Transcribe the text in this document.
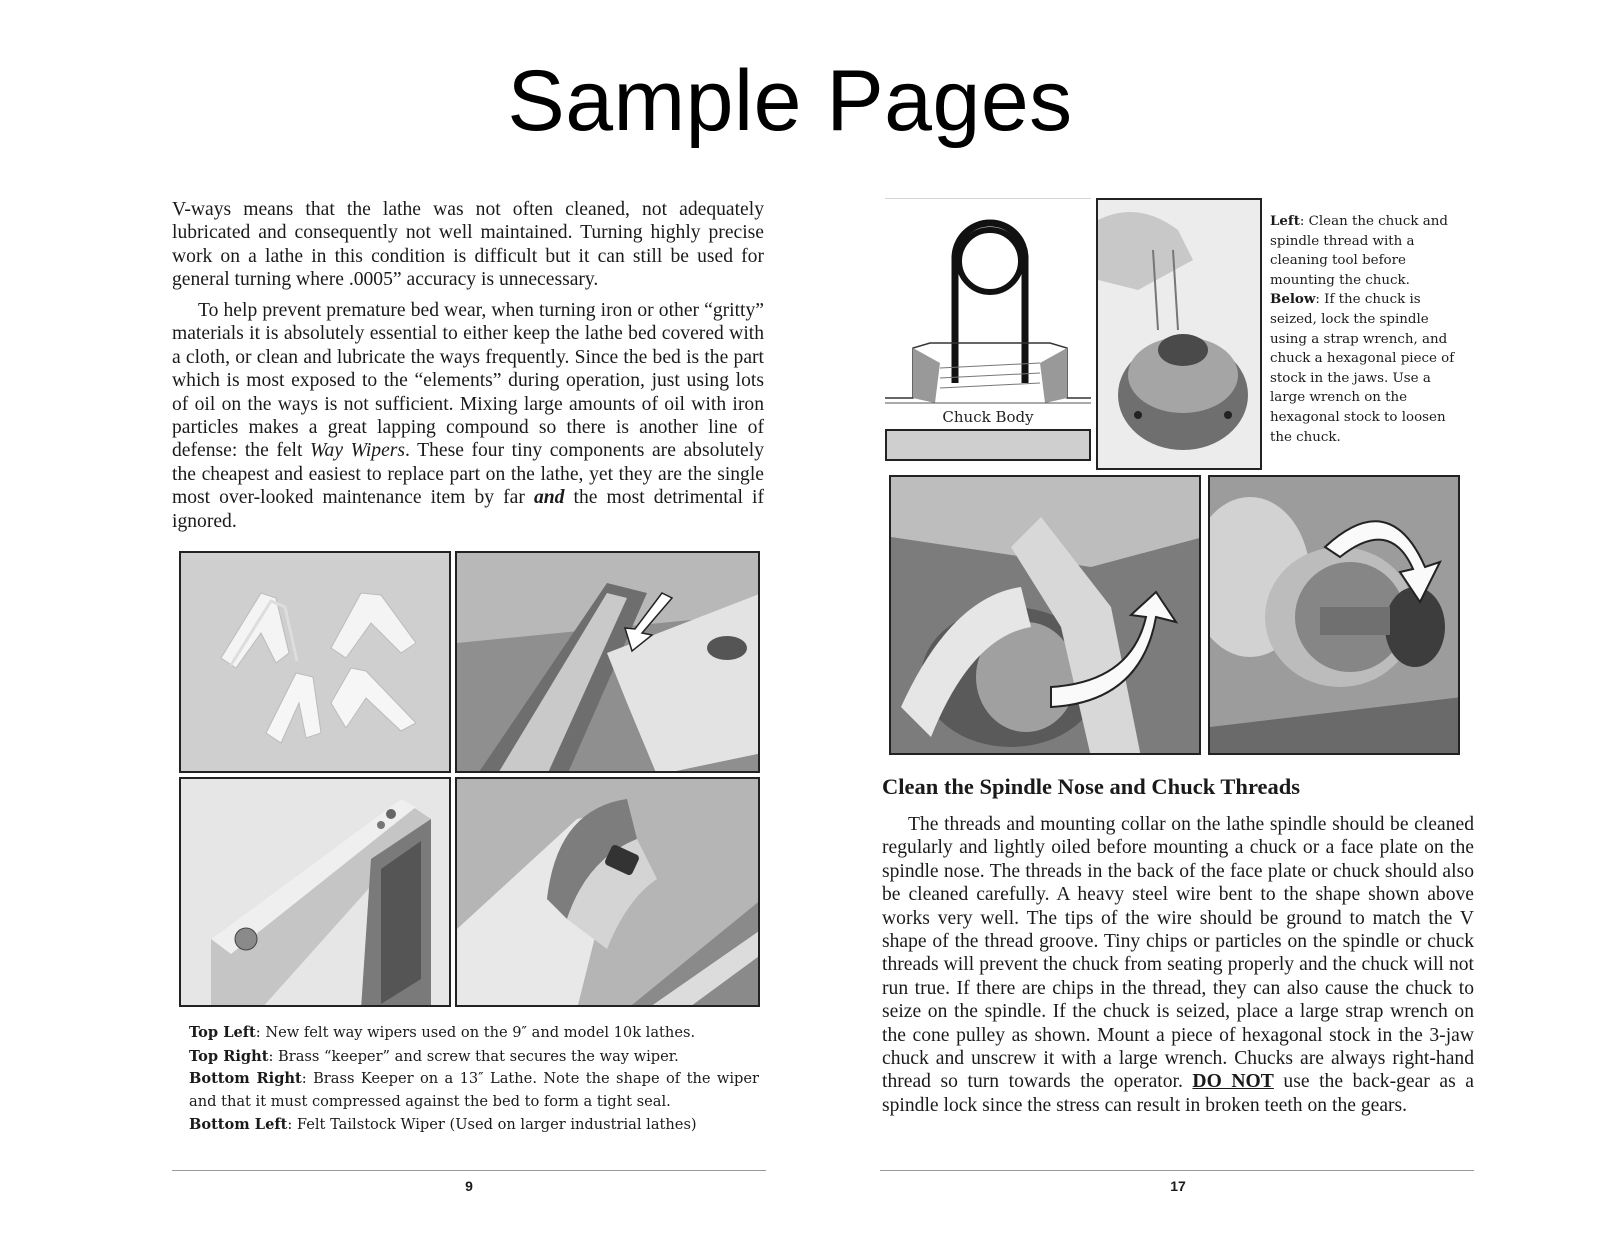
Sample Pages

V-ways means that the lathe was not often cleaned, not adequately lubricated and consequently not well maintained. Turning highly precise work on a lathe in this condition is difficult but it can still be used for general turning where .0005” accuracy is unnecessary.

To help prevent premature bed wear, when turning iron or other “gritty” materials it is absolutely essential to either keep the lathe bed covered with a cloth, or clean and lubricate the ways frequently. Since the bed is the part which is most exposed to the “elements” during operation, just using lots of oil on the ways is not sufficient. Mixing large amounts of oil with iron particles makes a great lapping compound so there is another line of defense: the felt Way Wipers. These four tiny components are absolutely the cheapest and easiest to replace part on the lathe, yet they are the single most over-looked maintenance item by far and the most detrimental if ignored.

Top Left: New felt way wipers used on the 9″ and model 10k lathes.
Top Right: Brass “keeper” and screw that secures the way wiper.
Bottom Right: Brass Keeper on a 13″ Lathe. Note the shape of the wiper and that it must compressed against the bed to form a tight seal.
Bottom Left: Felt Tailstock Wiper (Used on larger industrial lathes)
9
Chuck Body
Left: Clean the chuck and spindle thread with a cleaning tool before mounting the chuck.
Below: If the chuck is seized, lock the spindle using a strap wrench, and chuck a hexagonal piece of stock in the jaws. Use a large wrench on the hexagonal stock to loosen the chuck.
Clean the Spindle Nose and Chuck Threads

The threads and mounting collar on the lathe spindle should be cleaned regularly and lightly oiled before mounting a chuck or a face plate on the spindle nose. The threads in the back of the face plate or chuck should also be cleaned carefully. A heavy steel wire bent to the shape shown above works very well. The tips of the wire should be ground to match the V shape of the thread groove. Tiny chips or particles on the spindle or chuck threads will prevent the chuck from seating properly and the chuck will not run true. If there are chips in the thread, they can also cause the chuck to seize on the spindle. If the chuck is seized, place a large strap wrench on the cone pulley as shown. Mount a piece of hexagonal stock in the 3-jaw chuck and unscrew it with a large wrench. Chucks are always right-hand thread so turn towards the operator. DO NOT use the back-gear as a spindle lock since the stress can result in broken teeth on the gears.

17
